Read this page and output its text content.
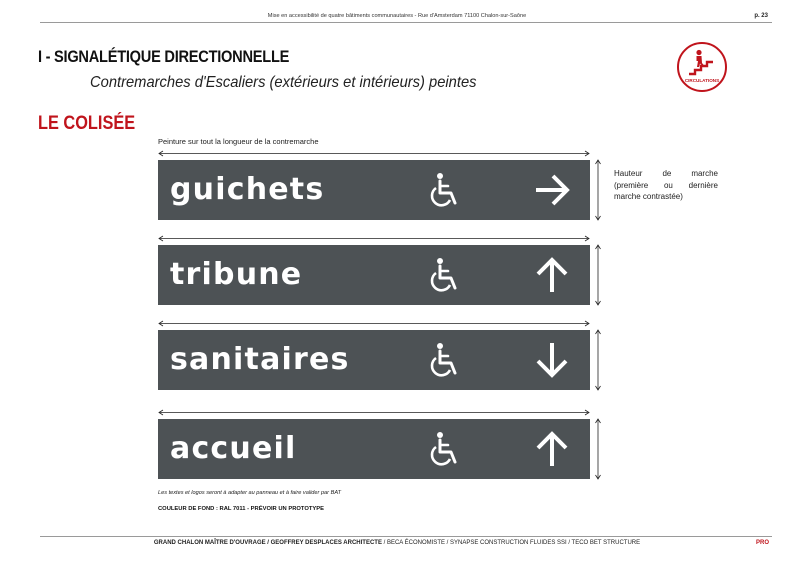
Mise en accessibilité de quatre bâtiments communautaires - Rue d'Amsterdam 71100 Chalon-sur-Saône	p. 23
I - SIGNALÉTIQUE DIRECTIONNELLE
Contremarches d'Escaliers (extérieurs et intérieurs) peintes
LE COLISÉE
CIRCULATIONS
Peinture sur tout la longueur de la contremarche
guichets
tribune
sanitaires
accueil
Hauteur de marche (première ou dernière marche contrastée)
Les textes et logos seront à adapter au panneau et à faire valider par BAT
COULEUR DE FOND : RAL 7011 - PRÉVOIR UN PROTOTYPE
GRAND CHALON MAÎTRE D'OUVRAGE / GEOFFREY DESPLACES ARCHITECTE / BECA ÉCONOMISTE / SYNAPSE CONSTRUCTION FLUIDES SSI / TECO BET STRUCTURE	PRO
